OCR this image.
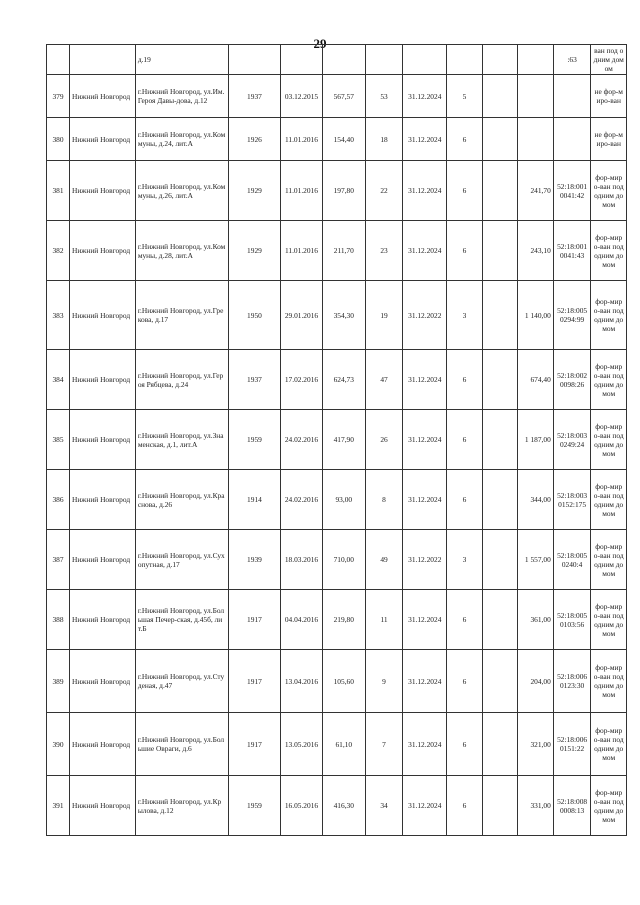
29
		д.19									:63	ван под одним домом
379	Нижний Новгород	г.Нижний Новгород, ул.Им.Героя Давы-дова, д.12	1937	03.12.2015	567,57	53	31.12.2024	5				не фор-миро-ван
380	Нижний Новгород	г.Нижний Новгород, ул.Коммуны, д.24, лит.А	1926	11.01.2016	154,40	18	31.12.2024	6				не фор-миро-ван
381	Нижний Новгород	г.Нижний Новгород, ул.Коммуны, д.26, лит.А	1929	11.01.2016	197,80	22	31.12.2024	6		241,70	52:18:0010041:42	фор-миро-ван под одним домом
382	Нижний Новгород	г.Нижний Новгород, ул.Коммуны, д.28, лит.А	1929	11.01.2016	211,70	23	31.12.2024	6		243,10	52:18:0010041:43	фор-миро-ван под одним домом
383	Нижний Новгород	г.Нижний Новгород, ул.Грекова, д.17	1950	29.01.2016	354,30	19	31.12.2022	3		1 140,00	52:18:0050294:99	фор-миро-ван под одним домом
384	Нижний Новгород	г.Нижний Новгород, ул.Героя Рябцева, д.24	1937	17.02.2016	624,73	47	31.12.2024	6		674,40	52:18:0020098:26	фор-миро-ван под одним домом
385	Нижний Новгород	г.Нижний Новгород, ул.Знаменская, д.1, лит.А	1959	24.02.2016	417,90	26	31.12.2024	6		1 187,00	52:18:0030249:24	фор-миро-ван под одним домом
386	Нижний Новгород	г.Нижний Новгород, ул.Краснова, д.26	1914	24.02.2016	93,00	8	31.12.2024	6		344,00	52:18:0030152:175	фор-миро-ван под одним домом
387	Нижний Новгород	г.Нижний Новгород, ул.Сухопутная, д.17	1939	18.03.2016	710,00	49	31.12.2022	3		1 557,00	52:18:0050240:4	фор-миро-ван под одним домом
388	Нижний Новгород	г.Нижний Новгород, ул.Большая Печер-ская, д.45б, лит.Б	1917	04.04.2016	219,80	11	31.12.2024	6		361,00	52:18:0050103:56	фор-миро-ван под одним домом
389	Нижний Новгород	г.Нижний Новгород, ул.Студеная, д.47	1917	13.04.2016	105,60	9	31.12.2024	6		204,00	52:18:0060123:30	фор-миро-ван под одним домом
390	Нижний Новгород	г.Нижний Новгород, ул.Большие Овраги, д.6	1917	13.05.2016	61,10	7	31.12.2024	6		321,00	52:18:0060151:22	фор-миро-ван под одним домом
391	Нижний Новгород	г.Нижний Новгород, ул.Крылова, д.12	1959	16.05.2016	416,30	34	31.12.2024	6		331,00	52:18:0080008:13	фор-миро-ван под одним домом
